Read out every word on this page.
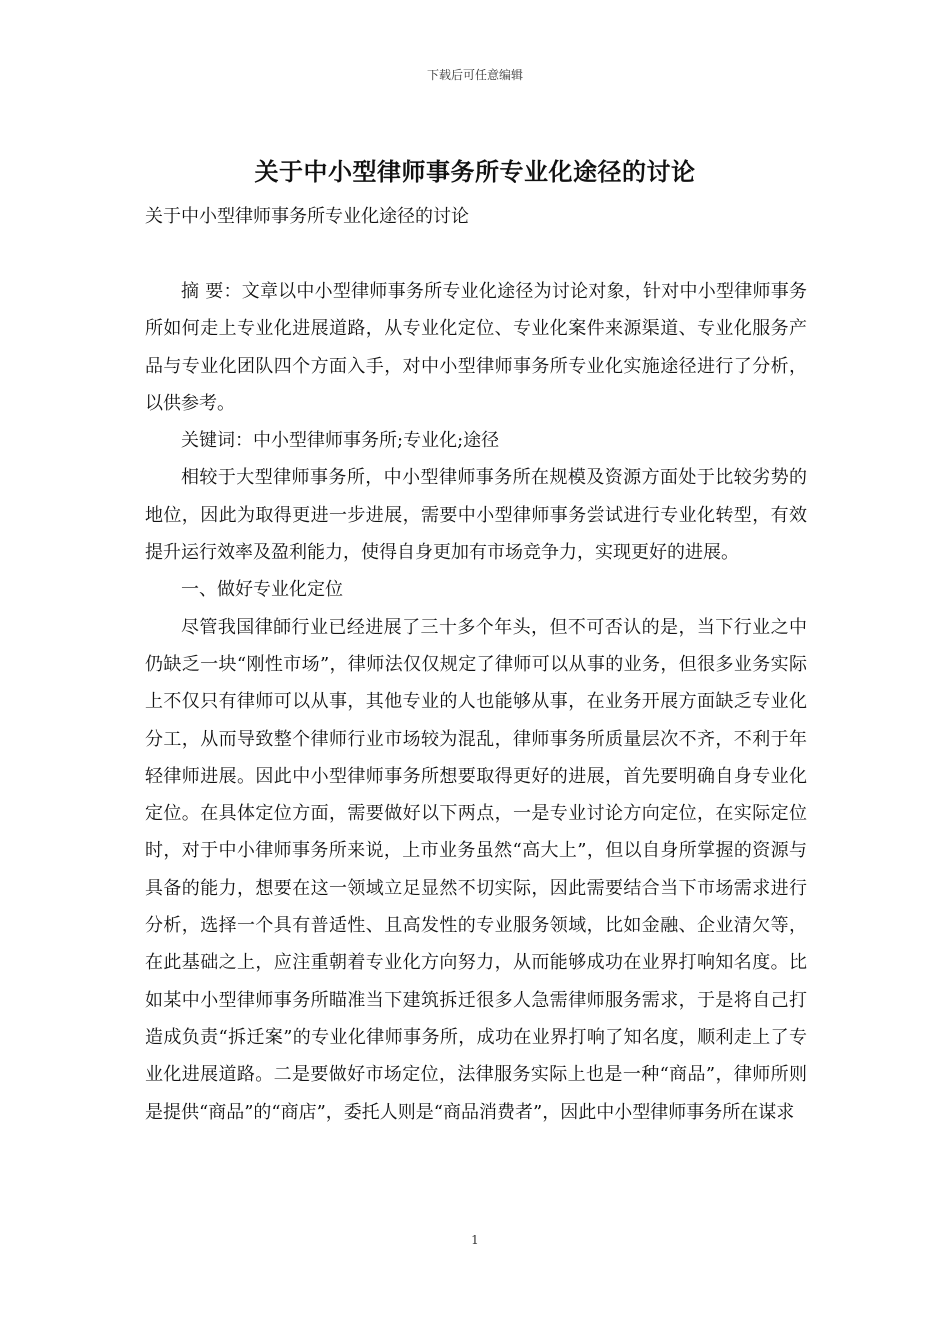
下载后可任意编辑
关于中小型律师事务所专业化途径的讨论
关于中小型律师事务所专业化途径的讨论

摘 要：文章以中小型律师事务所专业化途径为讨论对象，针对中小型律师事务所如何走上专业化进展道路，从专业化定位、专业化案件来源渠道、专业化服务产品与专业化团队四个方面入手，对中小型律师事务所专业化实施途径进行了分析，以供参考。

关键词：中小型律师事务所;专业化;途径

相较于大型律师事务所，中小型律师事务所在规模及资源方面处于比较劣势的地位，因此为取得更进一步进展，需要中小型律师事务尝试进行专业化转型，有效提升运行效率及盈利能力，使得自身更加有市场竞争力，实现更好的进展。

一、做好专业化定位

尽管我国律師行业已经进展了三十多个年头，但不可否认的是，当下行业之中仍缺乏一块“刚性市场”，律师法仅仅规定了律师可以从事的业务，但很多业务实际上不仅只有律师可以从事，其他专业的人也能够从事，在业务开展方面缺乏专业化分工，从而导致整个律师行业市场较为混乱，律师事务所质量层次不齐，不利于年轻律师进展。因此中小型律师事务所想要取得更好的进展，首先要明确自身专业化定位。在具体定位方面，需要做好以下两点，一是专业讨论方向定位，在实际定位时，对于中小律师事务所来说，上市业务虽然“高大上”，但以自身所掌握的资源与具备的能力，想要在这一领域立足显然不切实际，因此需要结合当下市场需求进行分析，选择一个具有普适性、且高发性的专业服务领域，比如金融、企业清欠等，在此基础之上，应注重朝着专业化方向努力，从而能够成功在业界打响知名度。比如某中小型律师事务所瞄准当下建筑拆迁很多人急需律师服务需求，于是将自己打造成负责“拆迁案”的专业化律师事务所，成功在业界打响了知名度，顺利走上了专业化进展道路。二是要做好市场定位，法律服务实际上也是一种“商品”，律师所则是提供“商品”的“商店”，委托人则是“商品消费者”，因此中小型律师事务所在谋求

1
